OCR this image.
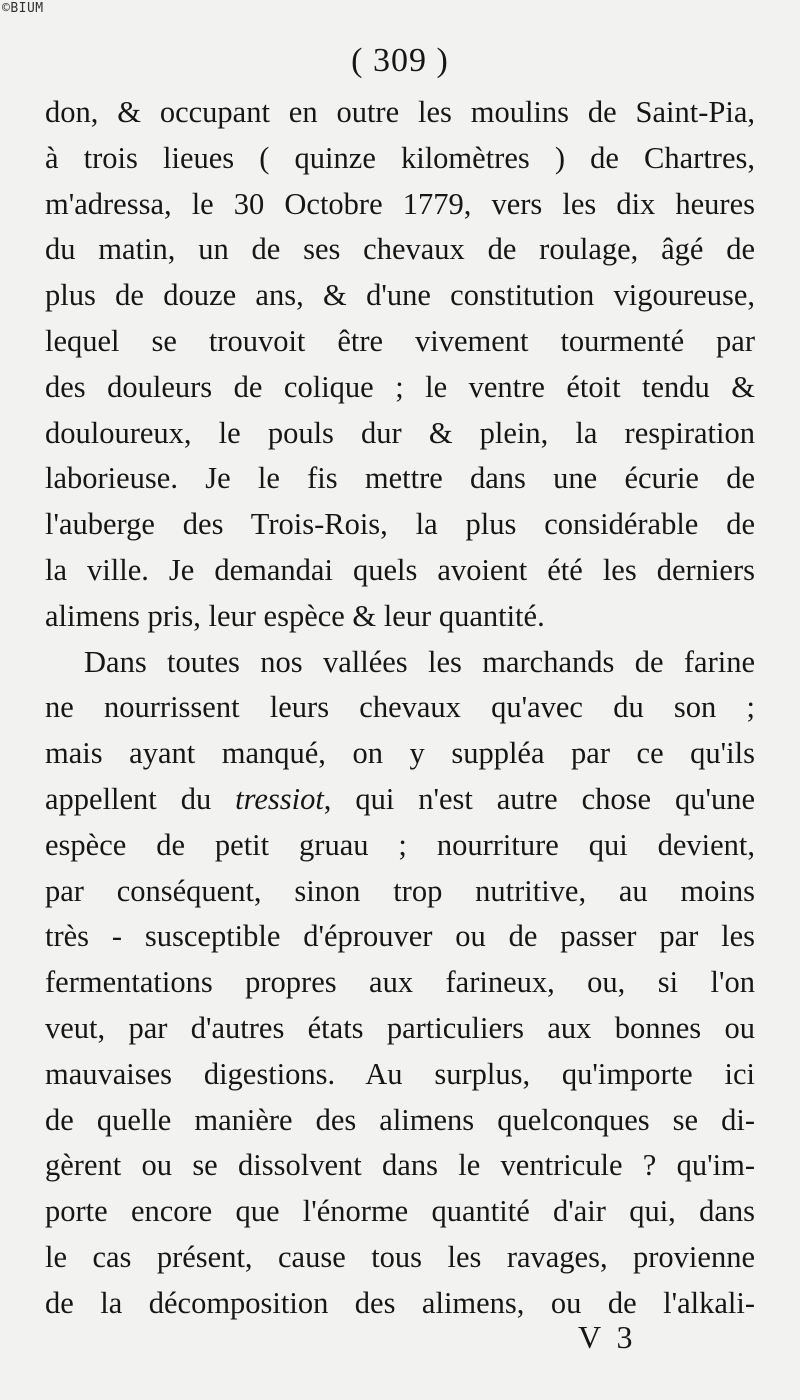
©BIUM
( 309 )
don, & occupant en outre les moulins de Saint-Pia,
à trois lieues ( quinze kilomètres ) de Chartres,
m'adressa, le 30 Octobre 1779, vers les dix heures
du matin, un de ses chevaux de roulage, âgé de
plus de douze ans, & d'une constitution vigoureuse,
lequel se trouvoit être vivement tourmenté par
des douleurs de colique ; le ventre étoit tendu &
douloureux, le pouls dur & plein, la respiration
laborieuse. Je le fis mettre dans une écurie de
l'auberge des Trois-Rois, la plus considérable de
la ville. Je demandai quels avoient été les derniers
alimens pris, leur espèce & leur quantité.
Dans toutes nos vallées les marchands de farine
ne nourrissent leurs chevaux qu'avec du son ;
mais ayant manqué, on y suppléa par ce qu'ils
appellent du tressiot, qui n'est autre chose qu'une
espèce de petit gruau ; nourriture qui devient,
par conséquent, sinon trop nutritive, au moins
très - susceptible d'éprouver ou de passer par les
fermentations propres aux farineux, ou, si l'on
veut, par d'autres états particuliers aux bonnes ou
mauvaises digestions. Au surplus, qu'importe ici
de quelle manière des alimens quelconques se di-
gèrent ou se dissolvent dans le ventricule ? qu'im-
porte encore que l'énorme quantité d'air qui, dans
le cas présent, cause tous les ravages, provienne
de la décomposition des alimens, ou de l'alkali-
V 3
